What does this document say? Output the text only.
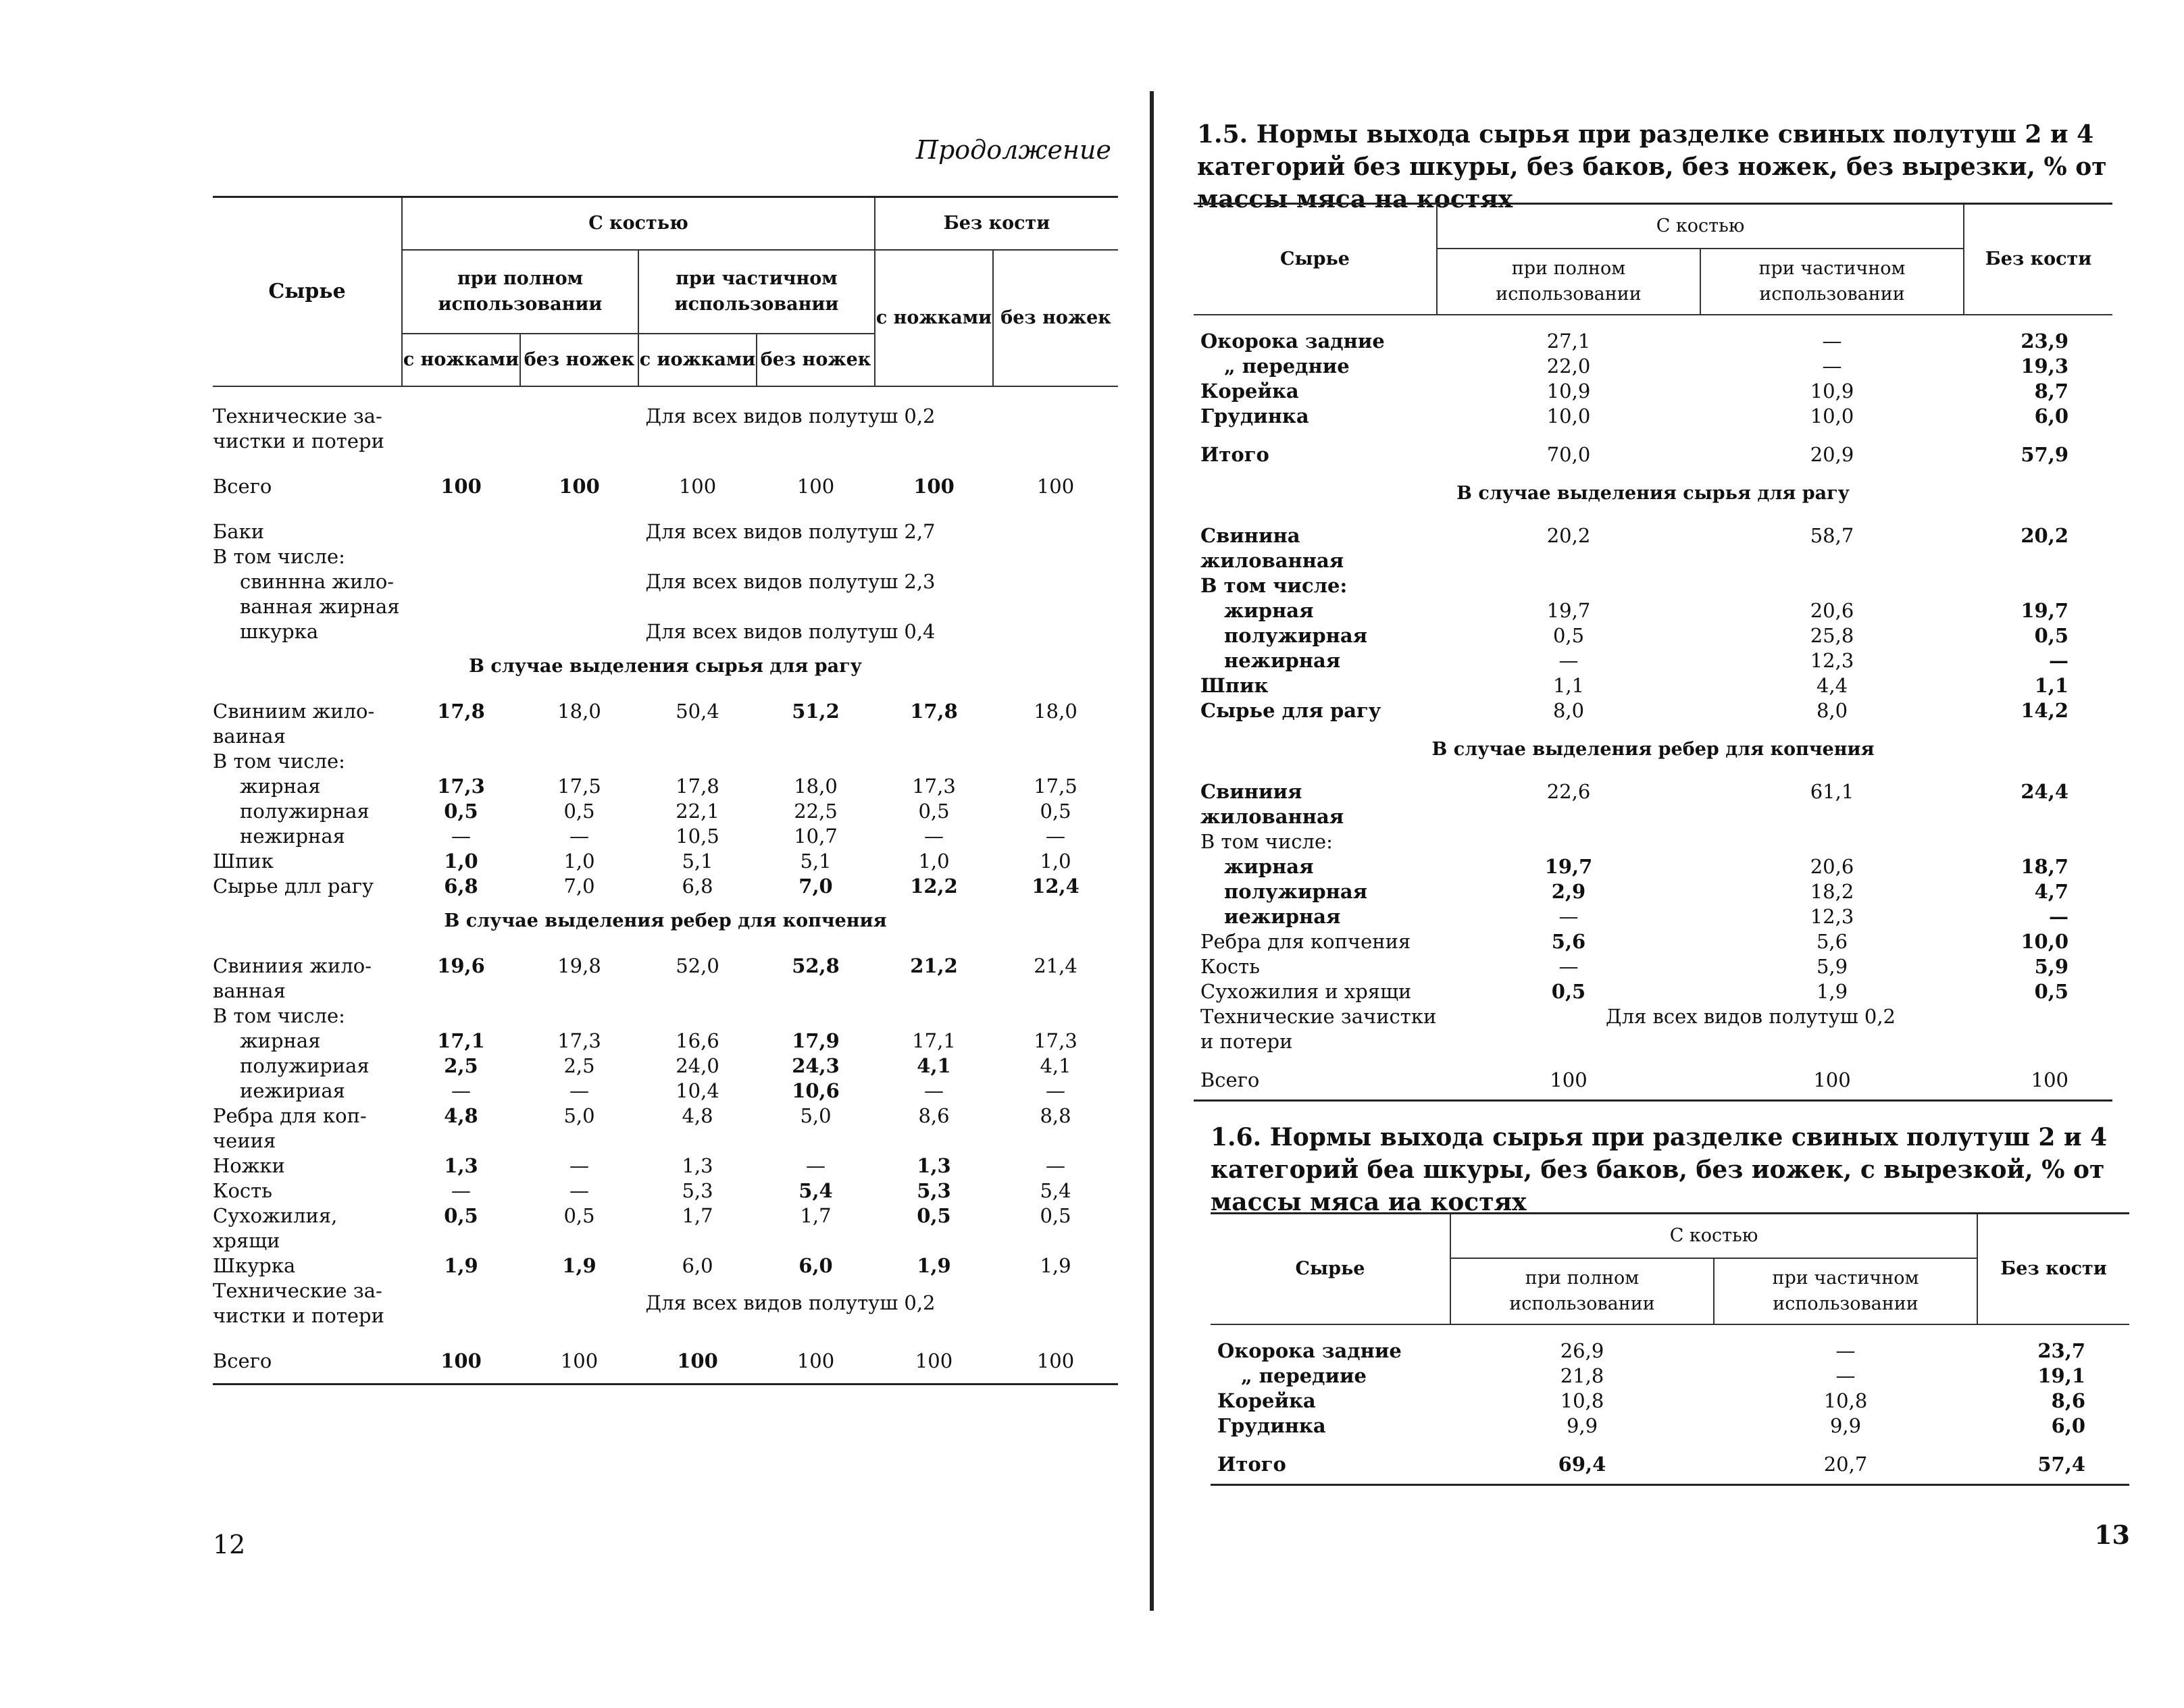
Продолжение
Сырье	С костью				Без кости	
	при полном использовании		при частичном использовании		с ножками	без ножек
	с ножками	без ножек	с иожками	без ножек		
Технические за- чистки и потери	Для всех видов полутуш 0,2					

Всего	100	100	100	100	100	100

Баки	Для всех видов полутуш 2,7					
В том числе:						
свиннна жило- ванная жирная	Для всех видов полутуш 2,3					
шкурка	Для всех видов полутуш 0,4					
В случае выделения сырья для рагу						
Свиниим жило- ваиная	17,8	18,0	50,4	51,2	17,8	18,0
В том числе:						
жирная	17,3	17,5	17,8	18,0	17,3	17,5
полужирная	0,5	0,5	22,1	22,5	0,5	0,5
нежирная	—	—	10,5	10,7	—	—
Шпик	1,0	1,0	5,1	5,1	1,0	1,0
Сырье длл рагу	6,8	7,0	6,8	7,0	12,2	12,4
В случае выделения ребер для копчения						
Свиниия жило- ванная	19,6	19,8	52,0	52,8	21,2	21,4
В том числе:						
жирная	17,1	17,3	16,6	17,9	17,1	17,3
полужириая	2,5	2,5	24,0	24,3	4,1	4,1
иежириая	—	—	10,4	10,6	—	—
Ребра для коп- чеиия	4,8	5,0	4,8	5,0	8,6	8,8
Ножки	1,3	—	1,3	—	1,3	—
Кость	—	—	5,3	5,4	5,3	5,4
Сухожилия, хрящи	0,5	0,5	1,7	1,7	0,5	0,5
Шкурка	1,9	1,9	6,0	6,0	1,9	1,9
Технические за- чистки и потери	Для всех видов полутуш 0,2					

Всего	100	100	100	100	100	100
12
1.5. Нормы выхода сырья при разделке свиных полутуш 2 и 4 категорий без шкуры, без баков, без ножек, без вырезки, % от массы мяса на костях
Сырье	С костью		Без кости
	при полном использовании	при частичном использовании	
Окорока задние	27,1	—	23,9
„ передние	22,0	—	19,3
Корейка	10,9	10,9	8,7
Грудинка	10,0	10,0	6,0
Итого	70,0	20,9	57,9
В случае выделения сырья для рагу			
Свинина жилованная	20,2	58,7	20,2
В том числе:			
жирная	19,7	20,6	19,7
полужирная	0,5	25,8	0,5
нежирная	—	12,3	—
Шпик	1,1	4,4	1,1
Сырье для рагу	8,0	8,0	14,2
В случае выделения ребер для копчения			
Свиниия жилованная	22,6	61,1	24,4
В том числе:			
жирная	19,7	20,6	18,7
полужирная	2,9	18,2	4,7
иежирная	—	12,3	—
Ребра для копчения	5,6	5,6	10,0
Кость	—	5,9	5,9
Сухожилия и хрящи	0,5	1,9	0,5
Технические зачистки и потери	Для всех видов полутуш 0,2		
Всего	100	100	100
1.6. Нормы выхода сырья при разделке свиных полутуш 2 и 4 категорий беа шкуры, без баков, без иожек, с вырезкой, % от массы мяса иа костях
Сырье	С костью		Без кости
	при полном использовании	при частичном использовании	
Окорока задние	26,9	—	23,7
„ передиие	21,8	—	19,1
Корейка	10,8	10,8	8,6
Грудинка	9,9	9,9	6,0
Итого	69,4	20,7	57,4
13
